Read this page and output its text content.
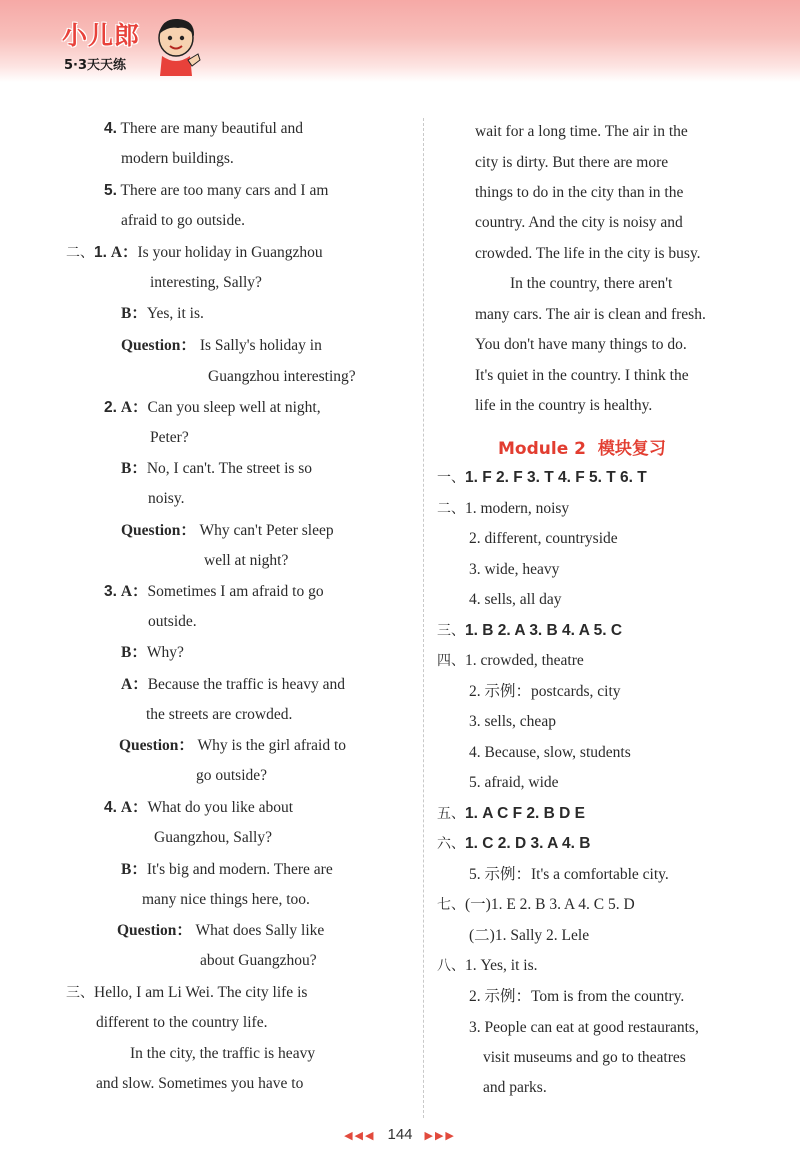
小儿郎
5·3天天练
4. There are many beautiful and
modern buildings.
5. There are too many cars and I am
afraid to go outside.
二、1. A：Is your holiday in Guangzhou
interesting, Sally?
B：Yes, it is.
Question： Is Sally's holiday in
Guangzhou interesting?
2. A：Can you sleep well at night,
Peter?
B：No, I can't. The street is so
noisy.
Question： Why can't Peter sleep
well at night?
3. A：Sometimes I am afraid to go
outside.
B：Why?
A：Because the traffic is heavy and
the streets are crowded.
Question： Why is the girl afraid to
go outside?
4. A：What do you like about
Guangzhou, Sally?
B：It's big and modern. There are
many nice things here, too.
Question： What does Sally like
about Guangzhou?
三、Hello, I am Li Wei. The city life is
different to the country life.
In the city, the traffic is heavy
and slow. Sometimes you have to
wait for a long time. The air in the
city is dirty. But there are more
things to do in the city than in the
country. And the city is noisy and
crowded. The life in the city is busy.
In the country, there aren't
many cars. The air is clean and fresh.
You don't have many things to do.
It's quiet in the country. I think the
life in the country is healthy.
Module 2 模块复习
一、1. F 2. F 3. T 4. F 5. T 6. T
二、1. modern, noisy
2. different, countryside
3. wide, heavy
4. sells, all day
三、1. B 2. A 3. B 4. A 5. C
四、1. crowded, theatre
2. 示例：postcards, city
3. sells, cheap
4. Because, slow, students
5. afraid, wide
五、1. A C F 2. B D E
六、1. C 2. D 3. A 4. B
5. 示例：It's a comfortable city.
七、(一)1. E 2. B 3. A 4. C 5. D
(二)1. Sally 2. Lele
八、1. Yes, it is.
2. 示例：Tom is from the country.
3. People can eat at good restaurants,
visit museums and go to theatres
and parks.
◀◀◀ 144 ▶▶▶
